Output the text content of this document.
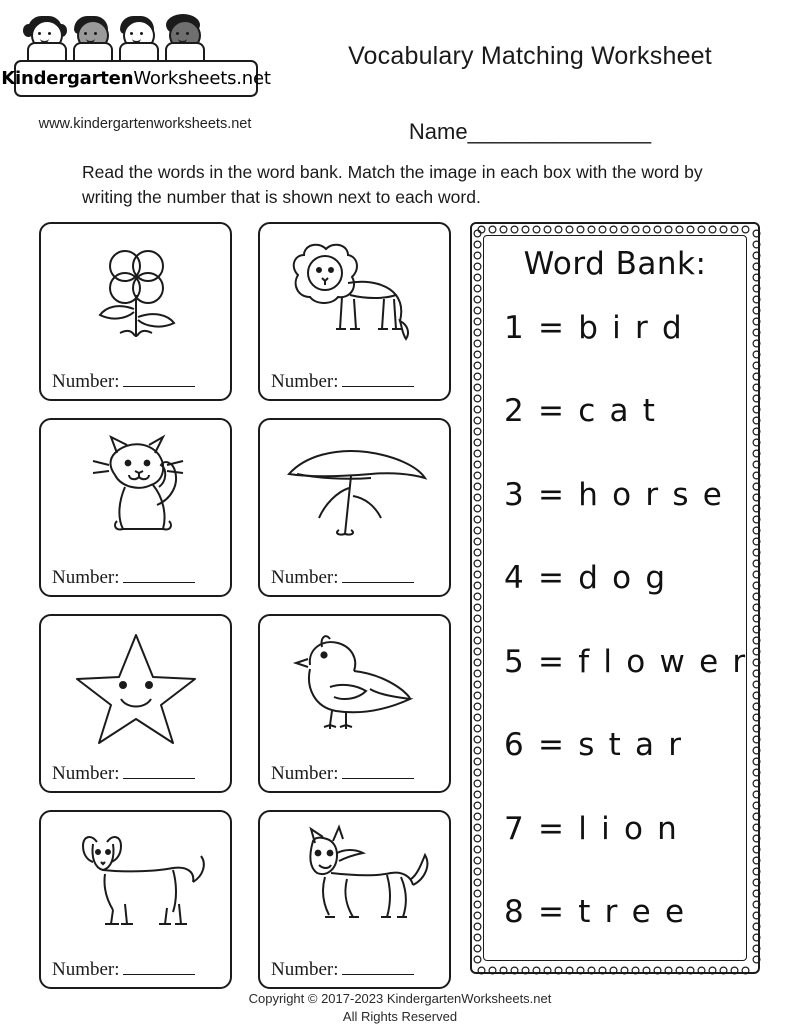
KindergartenWorksheets.net
www.kindergartenworksheets.net
Vocabulary Matching Worksheet
Name_______________
Read the words in the word bank. Match the image in each box with the word by writing the number that is shown next to each word.
Number:	Number:
Number:	Number:
Number:	Number:
Number:	Number:
Word Bank:
1 = b i r d
2 = c a t
3 = h o r s e
4 = d o g
5 = f l o w e r
6 = s t a r
7 = l i o n
8 = t r e e
Copyright © 2017-2023 KindergartenWorksheets.net
All Rights Reserved
